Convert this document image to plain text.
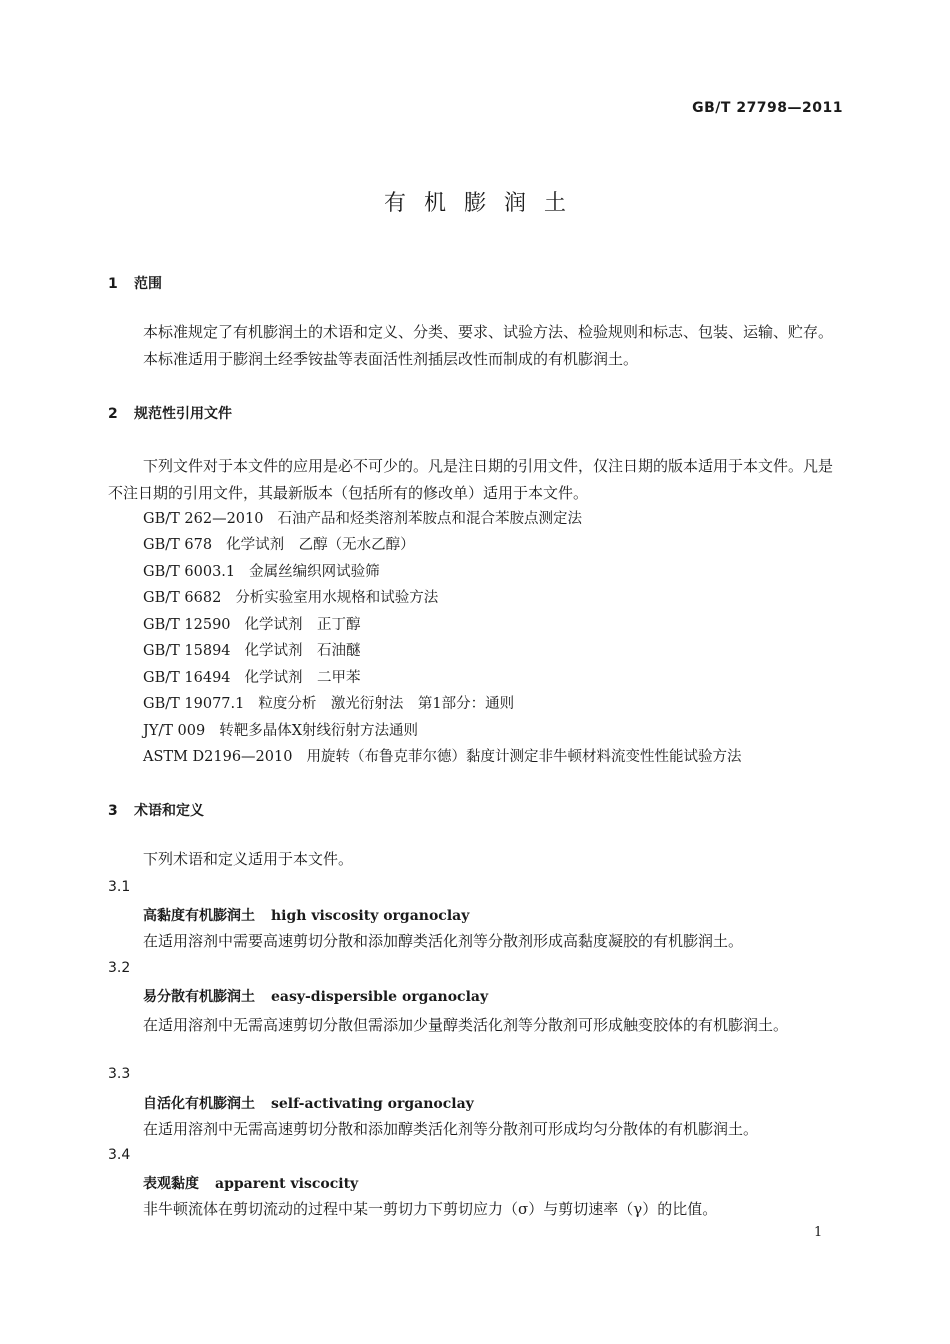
GB/T 27798—2011
有机膨润土
1 范围
本标准规定了有机膨润土的术语和定义、分类、要求、试验方法、检验规则和标志、包装、运输、贮存。
本标准适用于膨润土经季铵盐等表面活性剂插层改性而制成的有机膨润土。
2 规范性引用文件
下列文件对于本文件的应用是必不可少的。凡是注日期的引用文件，仅注日期的版本适用于本文件。凡是不注日期的引用文件，其最新版本（包括所有的修改单）适用于本文件。
GB/T 262—2010 石油产品和烃类溶剂苯胺点和混合苯胺点测定法
GB/T 678 化学试剂　乙醇（无水乙醇）
GB/T 6003.1 金属丝编织网试验筛
GB/T 6682 分析实验室用水规格和试验方法
GB/T 12590 化学试剂　正丁醇
GB/T 15894 化学试剂　石油醚
GB/T 16494 化学试剂　二甲苯
GB/T 19077.1 粒度分析　激光衍射法　第1部分：通则
JY/T 009 转靶多晶体X射线衍射方法通则
ASTM D2196—2010 用旋转（布鲁克菲尔德）黏度计测定非牛顿材料流变性性能试验方法
3 术语和定义
下列术语和定义适用于本文件。
3.1
高黏度有机膨润土 high viscosity organoclay
在适用溶剂中需要高速剪切分散和添加醇类活化剂等分散剂形成高黏度凝胶的有机膨润土。
3.2
易分散有机膨润土 easy-dispersible organoclay
在适用溶剂中无需高速剪切分散但需添加少量醇类活化剂等分散剂可形成触变胶体的有机膨润土。
3.3
自活化有机膨润土 self-activating organoclay
在适用溶剂中无需高速剪切分散和添加醇类活化剂等分散剂可形成均匀分散体的有机膨润土。
3.4
表观黏度 apparent viscocity
非牛顿流体在剪切流动的过程中某一剪切力下剪切应力（σ）与剪切速率（γ）的比值。
1
